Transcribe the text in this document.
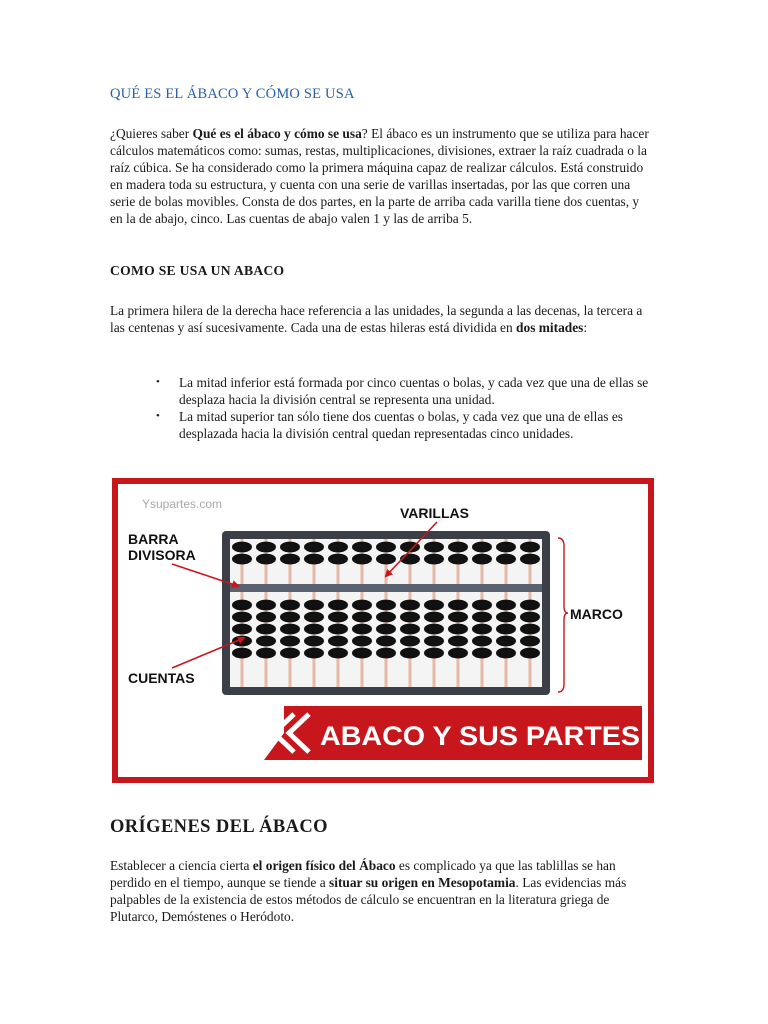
QUÉ ES EL ÁBACO Y CÓMO SE USA

¿Quieres saber Qué es el ábaco y cómo se usa? El ábaco es un instrumento que se utiliza para hacer cálculos matemáticos como: sumas, restas, multiplicaciones, divisiones, extraer la raíz cuadrada o la raíz cúbica. Se ha considerado como la primera máquina capaz de realizar cálculos. Está construido en madera toda su estructura, y cuenta con una serie de varillas insertadas, por las que corren una serie de bolas movibles. Consta de dos partes, en la parte de arriba cada varilla tiene dos cuentas, y en la de abajo, cinco. Las cuentas de abajo valen 1 y las de arriba 5.

COMO SE USA UN ABACO

La primera hilera de la derecha hace referencia a las unidades, la segunda a las decenas, la tercera a las centenas y así sucesivamente. Cada una de estas hileras está dividida en dos mitades:

• La mitad inferior está formada por cinco cuentas o bolas, y cada vez que una de ellas se desplaza hacia la división central se representa una unidad.
• La mitad superior tan sólo tiene dos cuentas o bolas, y cada vez que una de ellas es desplazada hacia la división central quedan representadas cinco unidades.
Ysupartes.com
VARILLAS
BARRA
DIVISORA
MARCO
CUENTAS
ABACO Y SUS PARTES
ORÍGENES DEL ÁBACO

Establecer a ciencia cierta el origen físico del Ábaco es complicado ya que las tablillas se han perdido en el tiempo, aunque se tiende a situar su origen en Mesopotamia. Las evidencias más palpables de la existencia de estos métodos de cálculo se encuentran en la literatura griega de Plutarco, Demóstenes o Heródoto.
